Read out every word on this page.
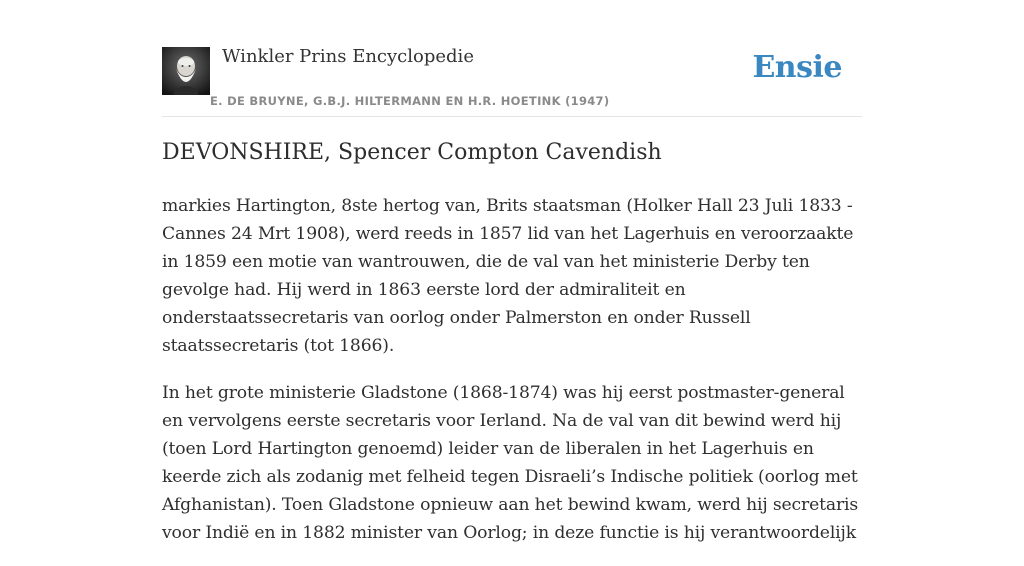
Winkler Prins Encyclopedie
E. DE BRUYNE, G.B.J. HILTERMANN EN H.R. HOETINK (1947)
Ensie
DEVONSHIRE, Spencer Compton Cavendish

markies Hartington, 8ste hertog van, Brits staatsman (Holker Hall 23 Juli 1833 - Cannes 24 Mrt 1908), werd reeds in 1857 lid van het Lagerhuis en veroorzaakte in 1859 een motie van wantrouwen, die de val van het ministerie Derby ten gevolge had. Hij werd in 1863 eerste lord der admiraliteit en onderstaatssecretaris van oorlog onder Palmerston en onder Russell staatssecretaris (tot 1866).

In het grote ministerie Gladstone (1868-1874) was hij eerst postmaster-general en vervolgens eerste secretaris voor Ierland. Na de val van dit bewind werd hij (toen Lord Hartington genoemd) leider van de liberalen in het Lagerhuis en keerde zich als zodanig met felheid tegen Disraeli’s Indische politiek (oorlog met Afghanistan). Toen Gladstone opnieuw aan het bewind kwam, werd hij secretaris voor Indië en in 1882 minister van Oorlog; in deze functie is hij verantwoordelijk
